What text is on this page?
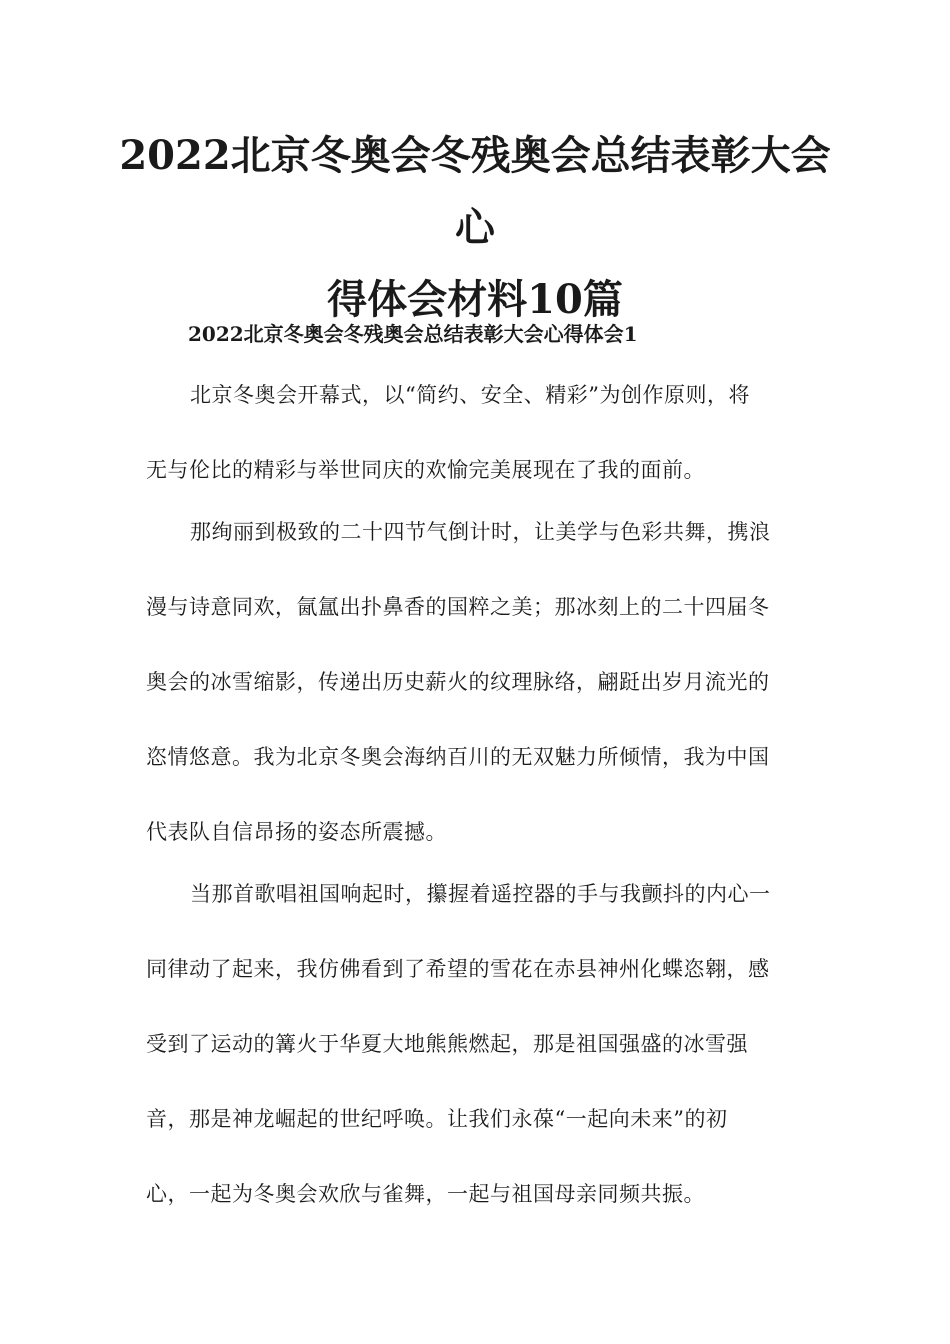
2022北京冬奥会冬残奥会总结表彰大会心
得体会材料10篇
2022北京冬奥会冬残奥会总结表彰大会心得体会1

北京冬奥会开幕式，以“简约、安全、精彩”为创作原则，将

无与伦比的精彩与举世同庆的欢愉完美展现在了我的面前。

那绚丽到极致的二十四节气倒计时，让美学与色彩共舞，携浪

漫与诗意同欢，氤氲出扑鼻香的国粹之美；那冰刻上的二十四届冬

奥会的冰雪缩影，传递出历史薪火的纹理脉络，翩跹出岁月流光的

恣情悠意。我为北京冬奥会海纳百川的无双魅力所倾情，我为中国

代表队自信昂扬的姿态所震撼。

当那首歌唱祖国响起时，攥握着遥控器的手与我颤抖的内心一

同律动了起来，我仿佛看到了希望的雪花在赤县神州化蝶恣翱，感

受到了运动的篝火于华夏大地熊熊燃起，那是祖国强盛的冰雪强

音，那是神龙崛起的世纪呼唤。让我们永葆“一起向未来”的初

心，一起为冬奥会欢欣与雀舞，一起与祖国母亲同频共振。
